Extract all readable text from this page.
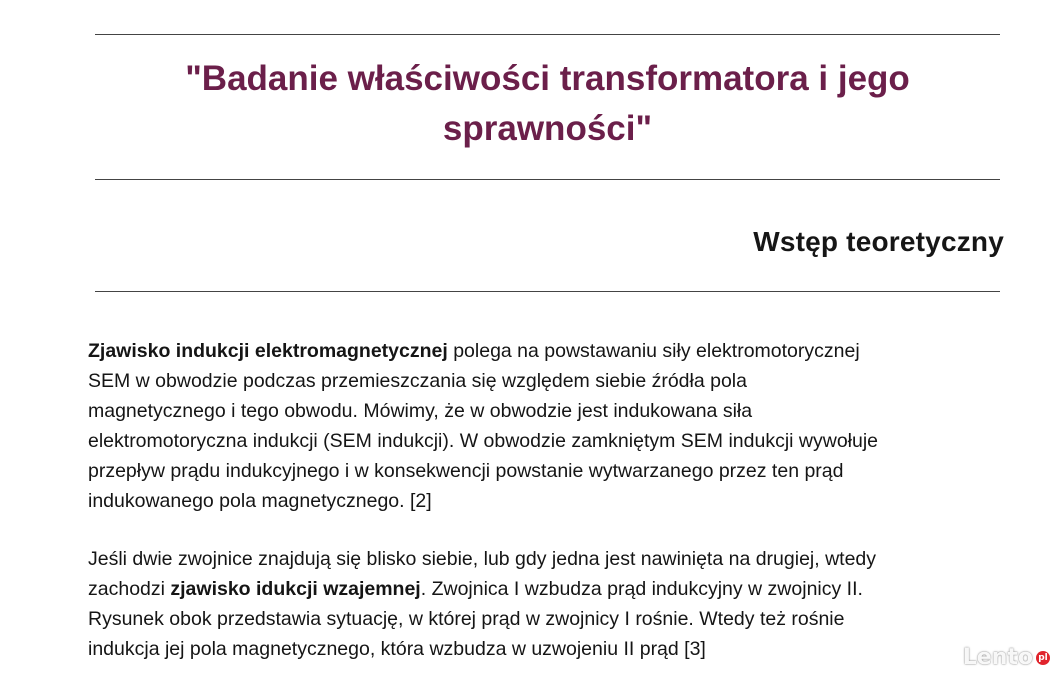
"Badanie właściwości transformatora i jego
sprawności"
Wstęp teoretyczny

Zjawisko indukcji elektromagnetycznej polega na powstawaniu siły elektromotorycznej
SEM w obwodzie podczas przemieszczania się względem siebie źródła pola
magnetycznego i tego obwodu. Mówimy, że w obwodzie jest indukowana siła
elektromotoryczna indukcji (SEM indukcji). W obwodzie zamkniętym SEM indukcji wywołuje
przepływ prądu indukcyjnego i w konsekwencji powstanie wytwarzanego przez ten prąd
indukowanego pola magnetycznego. [2]

Jeśli dwie zwojnice znajdują się blisko siebie, lub gdy jedna jest nawinięta na drugiej, wtedy
zachodzi zjawisko idukcji wzajemnej. Zwojnica I wzbudza prąd indukcyjny w zwojnicy II.
Rysunek obok przedstawia sytuację, w której prąd w zwojnicy I rośnie. Wtedy też rośnie
indukcja jej pola magnetycznego, która wzbudza w uzwojeniu II prąd [3]	Lento pl
